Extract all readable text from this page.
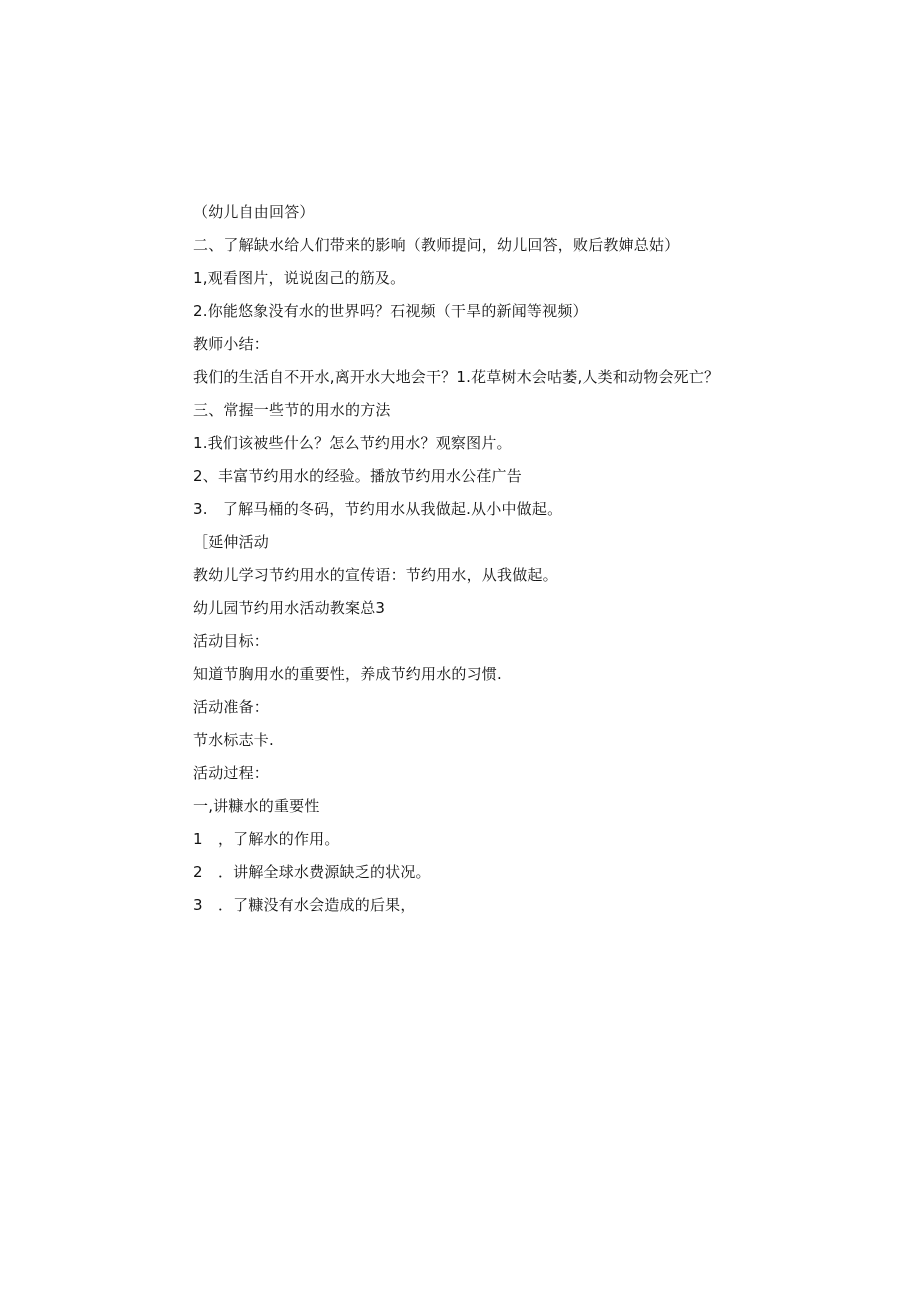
（幼儿自由回答）
二、了解缺水给人们带来的影响（教师提问，幼儿回答，败后教婶总姑）
1,观看图片，说说囱己的筋及。
2.你能悠象没有水的世界吗？石视频（干旱的新闻等视频）
教师小结：
我们的生活自不开水,离开水大地会干？1.花草树木会咕萎,人类和动物会死亡？
三、常握一些节的用水的方法
1.我们该被些什么？怎么节约用水？观察图片。
2、丰富节约用水的经验。播放节约用水公荏广告
3.　了解马桶的冬码，节约用水从我做起.从小中做起。
［延伸活动
教幼儿学习节约用水的宣传语：节约用水，从我做起。
幼儿园节约用水活动教案总3
活动目标：
知道节胸用水的重要性，养成节约用水的习惯.
活动准备：
节水标志卡.
活动过程：
一,讲糠水的重要性
1　，了解水的作用。
2　．讲解全球水费源缺乏的状况。
3　．了糠没有水会造成的后果，
